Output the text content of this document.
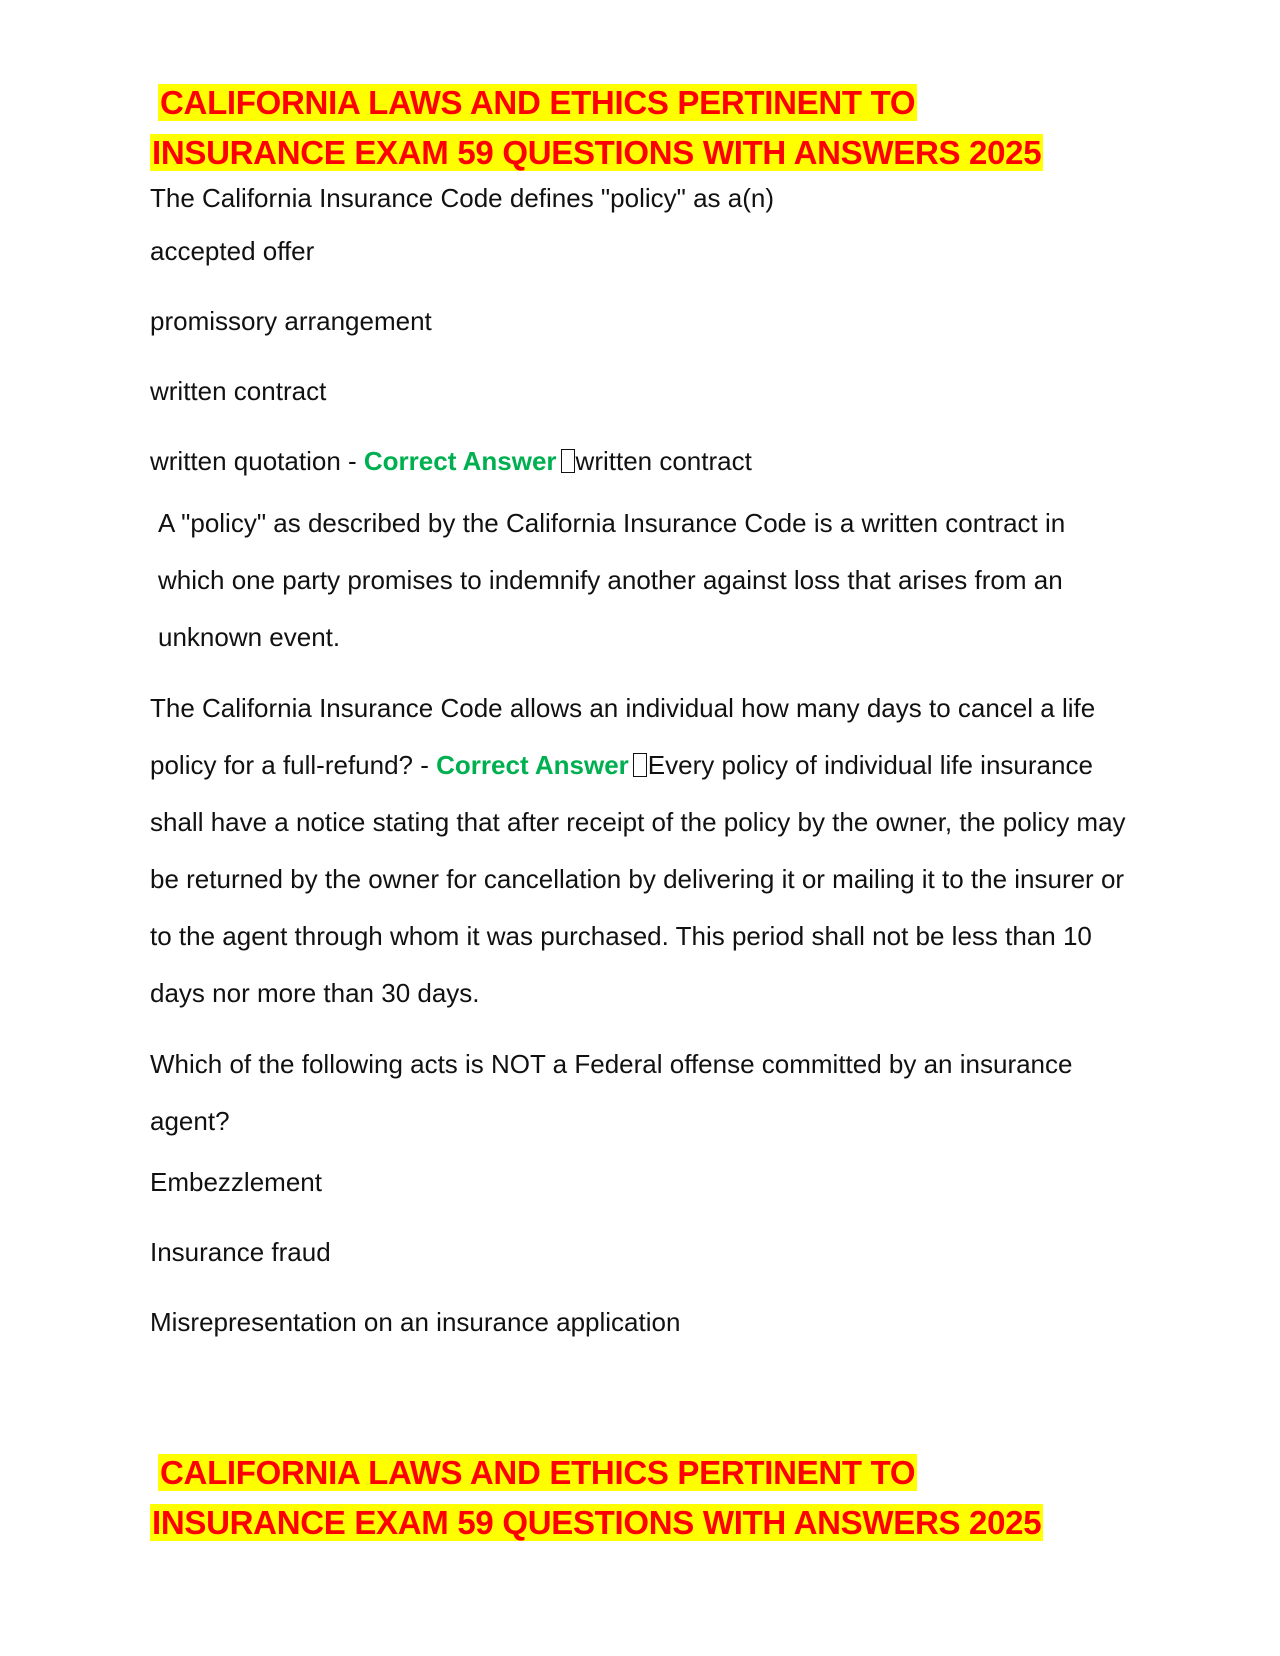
CALIFORNIA LAWS AND ETHICS PERTINENT TO
INSURANCE EXAM 59 QUESTIONS WITH ANSWERS 2025

The California Insurance Code defines "policy" as a(n)

accepted offer

promissory arrangement

written contract

written quotation - Correct Answer written contract

A "policy" as described by the California Insurance Code is a written contract in which one party promises to indemnify another against loss that arises from an unknown event.

The California Insurance Code allows an individual how many days to cancel a life policy for a full-refund? - Correct Answer Every policy of individual life insurance shall have a notice stating that after receipt of the policy by the owner, the policy may be returned by the owner for cancellation by delivering it or mailing it to the insurer or to the agent through whom it was purchased. This period shall not be less than 10 days nor more than 30 days.

Which of the following acts is NOT a Federal offense committed by an insurance agent?

Embezzlement

Insurance fraud

Misrepresentation on an insurance application

CALIFORNIA LAWS AND ETHICS PERTINENT TO
INSURANCE EXAM 59 QUESTIONS WITH ANSWERS 2025
